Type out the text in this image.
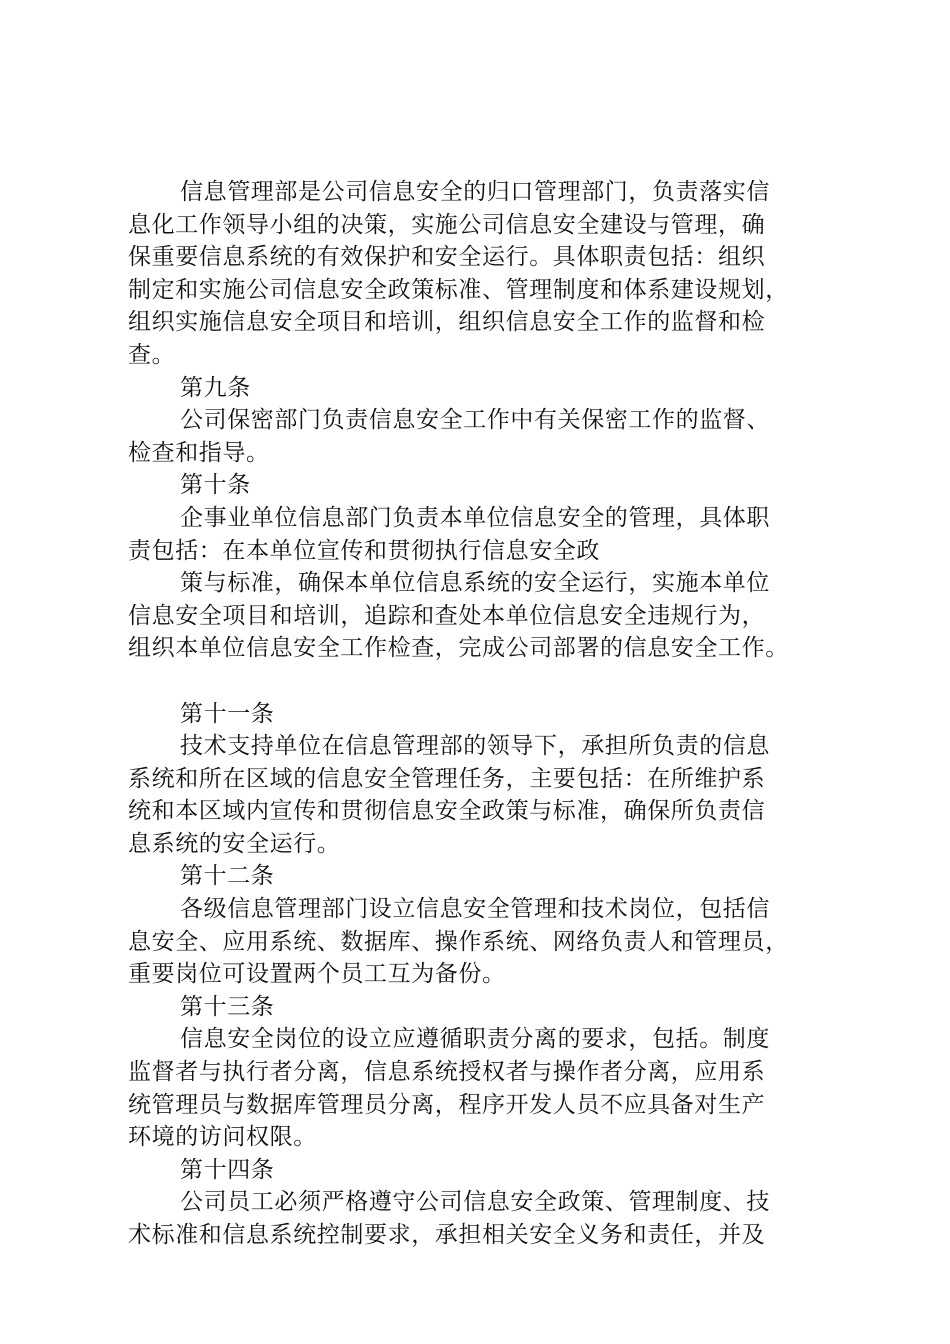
信息管理部是公司信息安全的归口管理部门，负责落实信
息化工作领导小组的决策，实施公司信息安全建设与管理，确
保重要信息系统的有效保护和安全运行。具体职责包括：组织
制定和实施公司信息安全政策标准、管理制度和体系建设规划，
组织实施信息安全项目和培训，组织信息安全工作的监督和检
查。
第九条
公司保密部门负责信息安全工作中有关保密工作的监督、
检查和指导。
第十条
企事业单位信息部门负责本单位信息安全的管理，具体职
责包括：在本单位宣传和贯彻执行信息安全政
策与标准，确保本单位信息系统的安全运行，实施本单位
信息安全项目和培训，追踪和查处本单位信息安全违规行为，
组织本单位信息安全工作检查，完成公司部署的信息安全工作。
第十一条
技术支持单位在信息管理部的领导下，承担所负责的信息
系统和所在区域的信息安全管理任务，主要包括：在所维护系
统和本区域内宣传和贯彻信息安全政策与标准，确保所负责信
息系统的安全运行。
第十二条
各级信息管理部门设立信息安全管理和技术岗位，包括信
息安全、应用系统、数据库、操作系统、网络负责人和管理员，
重要岗位可设置两个员工互为备份。
第十三条
信息安全岗位的设立应遵循职责分离的要求，包括。制度
监督者与执行者分离，信息系统授权者与操作者分离，应用系
统管理员与数据库管理员分离，程序开发人员不应具备对生产
环境的访问权限。
第十四条
公司员工必须严格遵守公司信息安全政策、管理制度、技
术标准和信息系统控制要求，承担相关安全义务和责任，并及
